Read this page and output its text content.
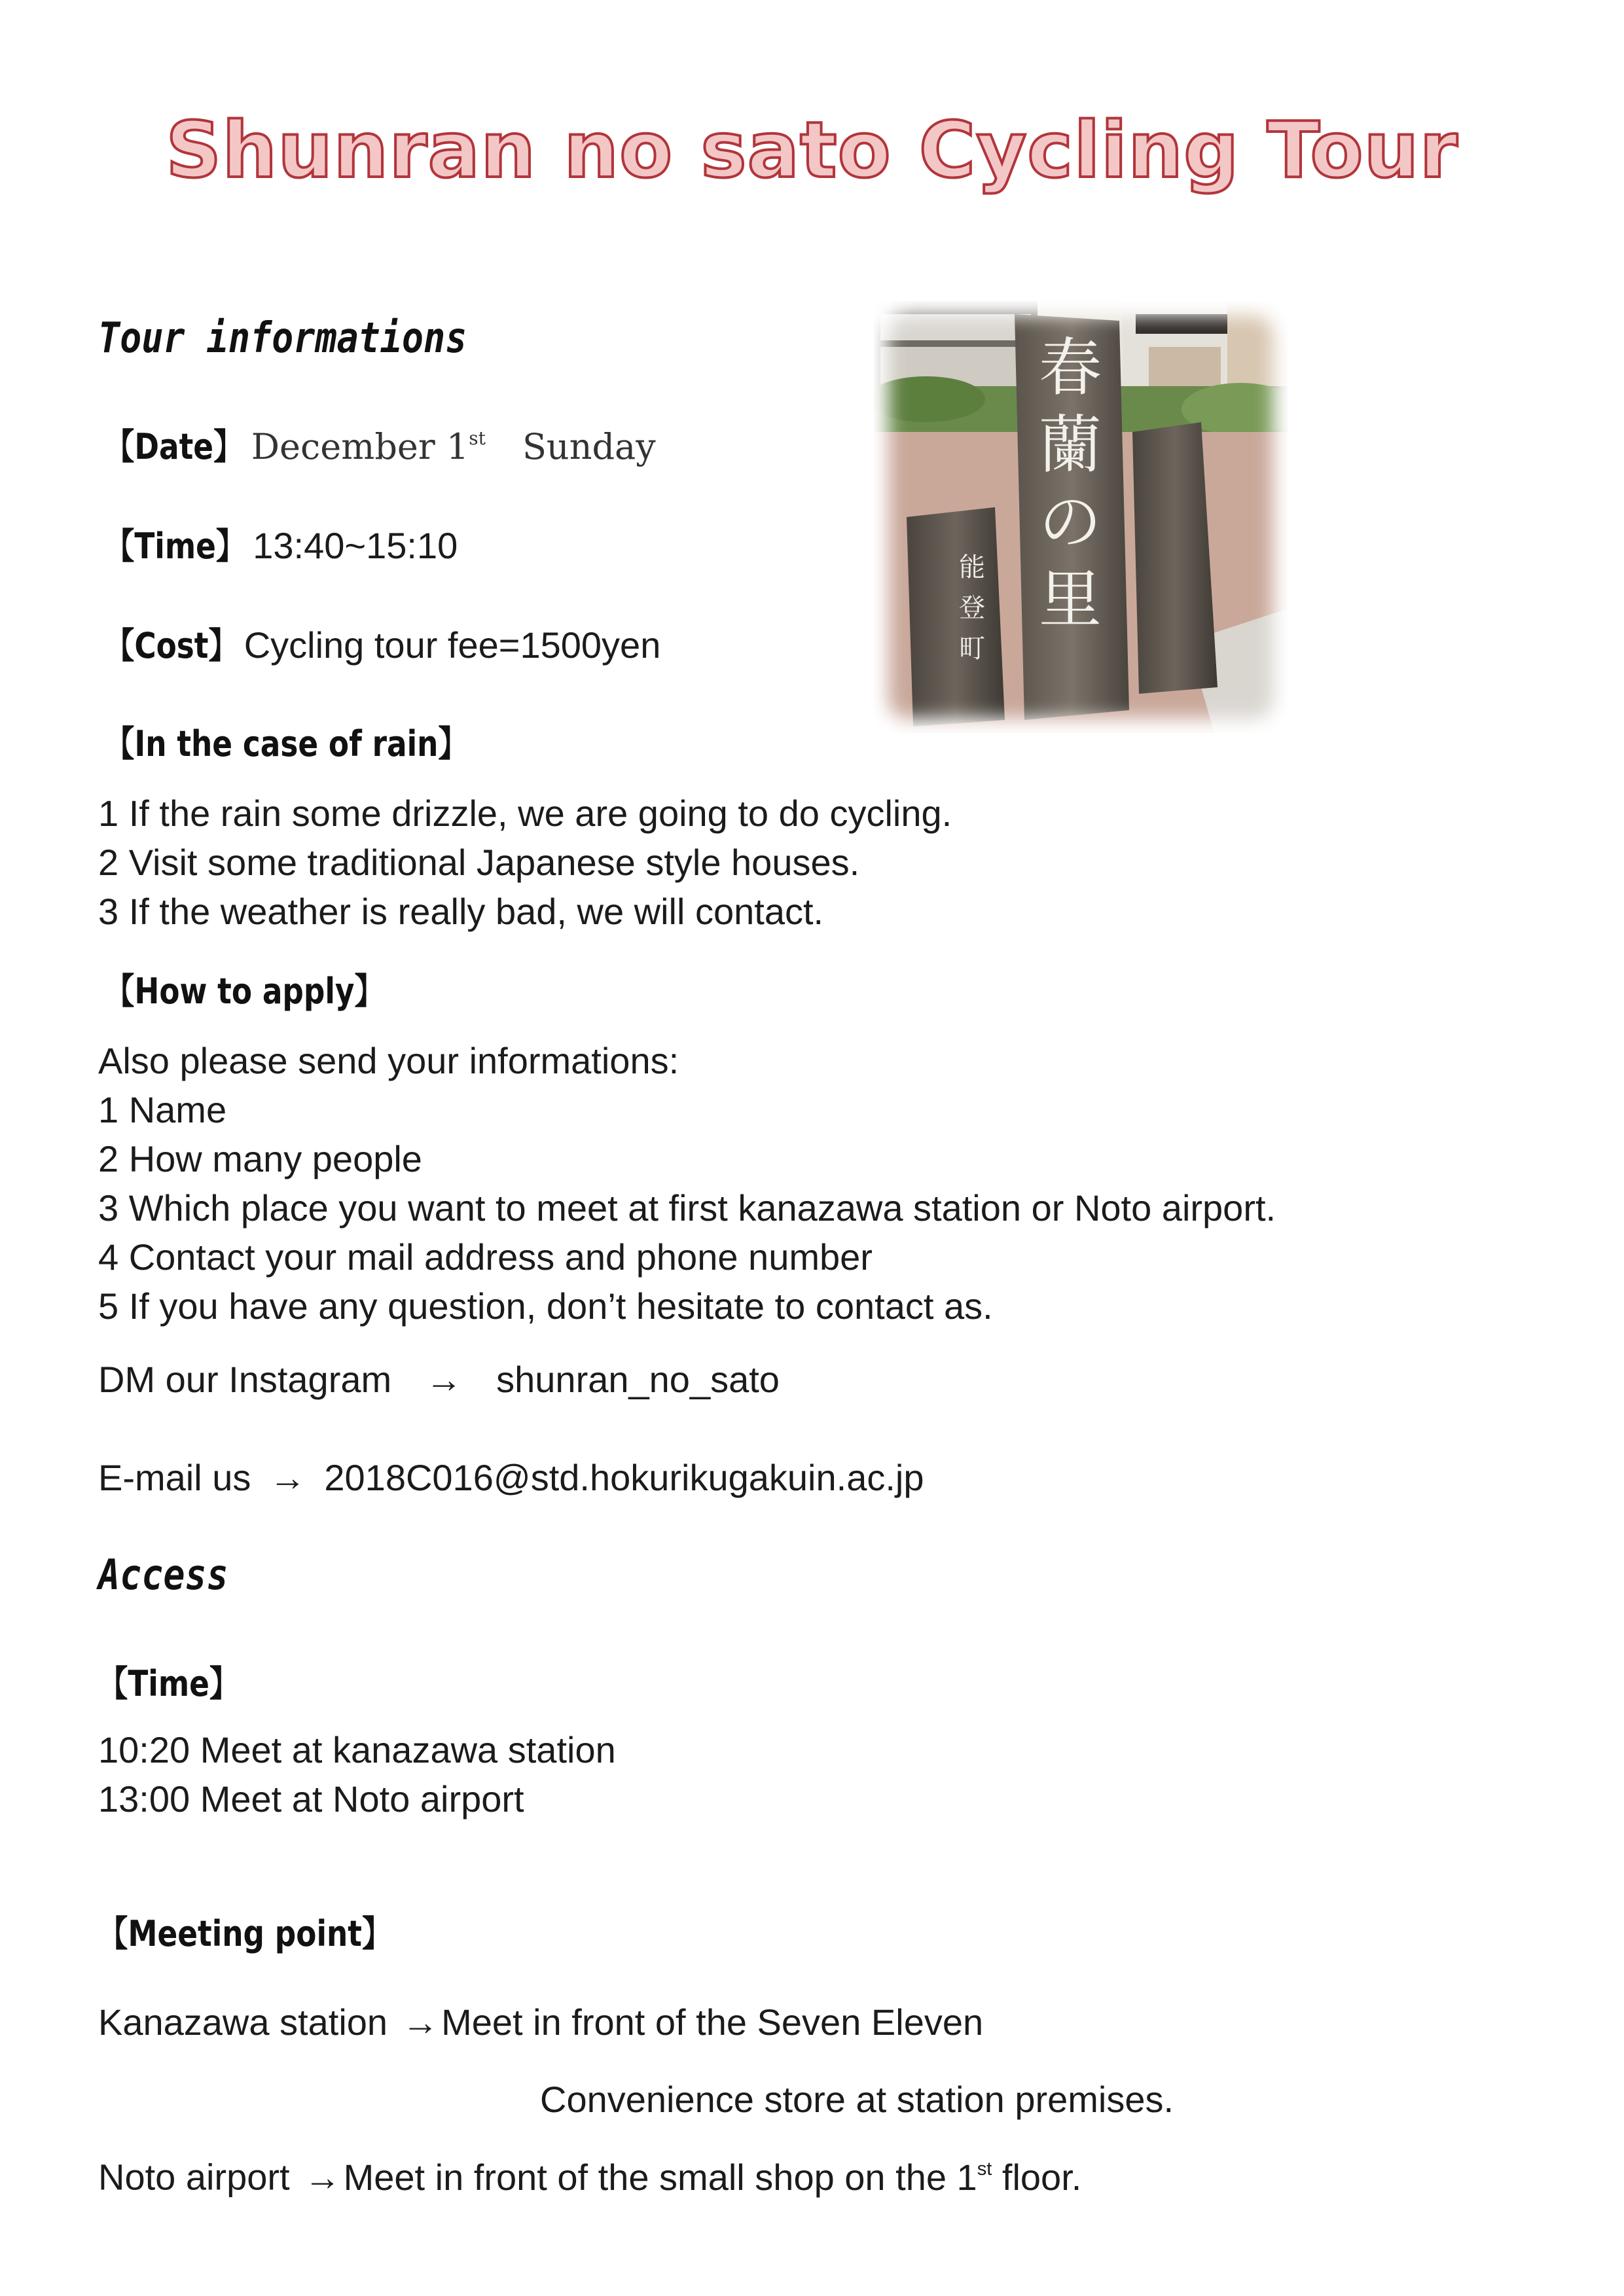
Shunran no sato Cycling Tour
Tour informations
【Date】 December 1st Sunday
【Time】 13:40~15:10
【Cost】 Cycling tour fee=1500yen
【In the case of rain】
1 If the rain some drizzle, we are going to do cycling.
2 Visit some traditional Japanese style houses.
3 If the weather is really bad, we will contact.
【How to apply】
Also please send your informations:
1 Name
2 How many people
3 Which place you want to meet at first kanazawa station or Noto airport.
4 Contact your mail address and phone number
5 If you have any question, don’t hesitate to contact as.
DM our Instagram → shunran_no_sato
E-mail us → 2018C016@std.hokurikugakuin.ac.jp
Access
【Time】
10:20 Meet at kanazawa station
13:00 Meet at Noto airport
【Meeting point】
Kanazawa station →Meet in front of the Seven Eleven
Convenience store at station premises.
Noto airport →Meet in front of the small shop on the 1st floor.
春
蘭
の
里
能
登
町
